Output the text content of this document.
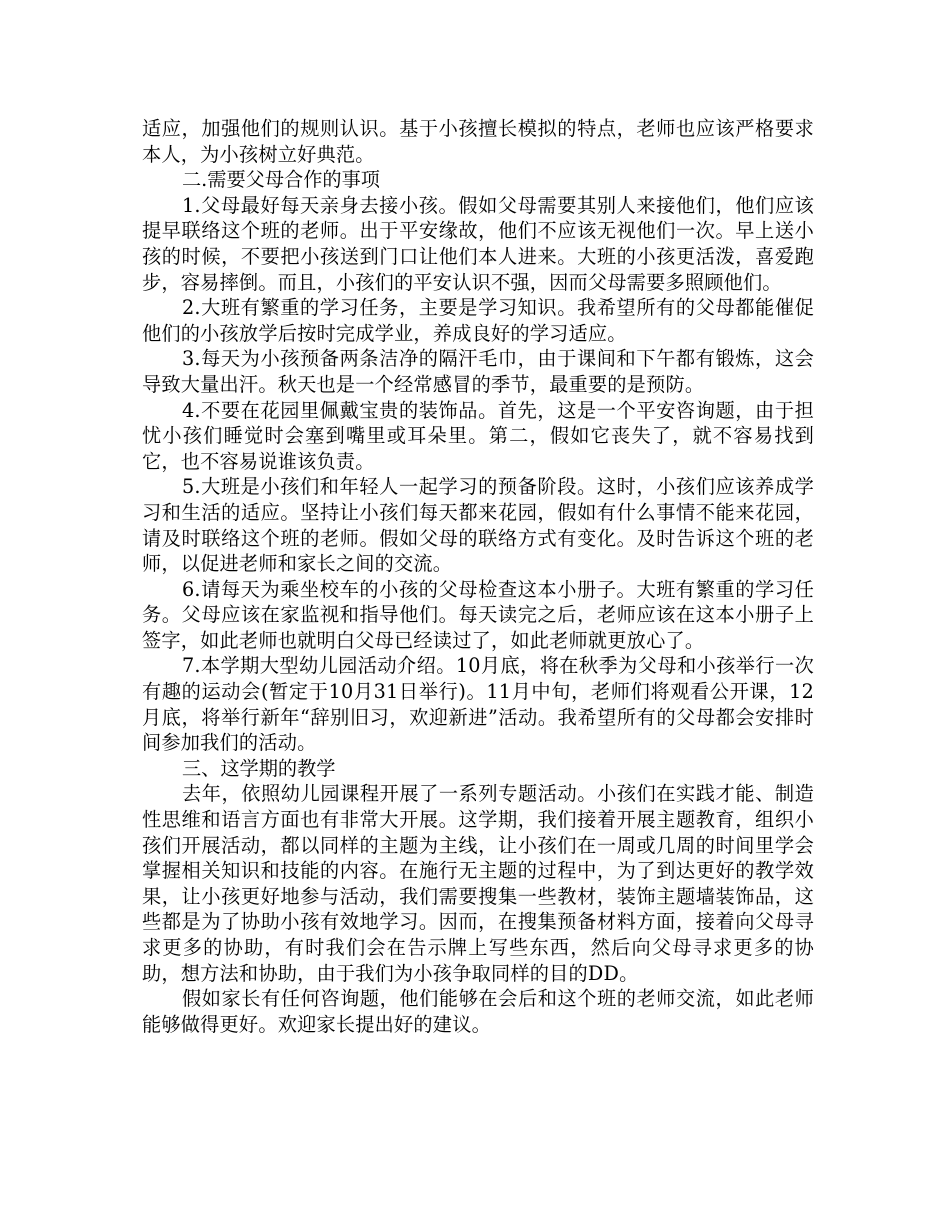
适应，加强他们的规则认识。基于小孩擅长模拟的特点，老师也应该严格要求本人，为小孩树立好典范。

二.需要父母合作的事项

1.父母最好每天亲身去接小孩。假如父母需要其别人来接他们，他们应该提早联络这个班的老师。出于平安缘故，他们不应该无视他们一次。早上送小孩的时候，不要把小孩送到门口让他们本人进来。大班的小孩更活泼，喜爱跑步，容易摔倒。而且，小孩们的平安认识不强，因而父母需要多照顾他们。

2.大班有繁重的学习任务，主要是学习知识。我希望所有的父母都能催促他们的小孩放学后按时完成学业，养成良好的学习适应。

3.每天为小孩预备两条洁净的隔汗毛巾，由于课间和下午都有锻炼，这会导致大量出汗。秋天也是一个经常感冒的季节，最重要的是预防。

4.不要在花园里佩戴宝贵的装饰品。首先，这是一个平安咨询题，由于担忧小孩们睡觉时会塞到嘴里或耳朵里。第二，假如它丧失了，就不容易找到它，也不容易说谁该负责。

5.大班是小孩们和年轻人一起学习的预备阶段。这时，小孩们应该养成学习和生活的适应。坚持让小孩们每天都来花园，假如有什么事情不能来花园，请及时联络这个班的老师。假如父母的联络方式有变化。及时告诉这个班的老师，以促进老师和家长之间的交流。

6.请每天为乘坐校车的小孩的父母检查这本小册子。大班有繁重的学习任务。父母应该在家监视和指导他们。每天读完之后，老师应该在这本小册子上签字，如此老师也就明白父母已经读过了，如此老师就更放心了。

7.本学期大型幼儿园活动介绍。10月底，将在秋季为父母和小孩举行一次有趣的运动会(暂定于10月31日举行)。11月中旬，老师们将观看公开课，12月底，将举行新年“辞别旧习，欢迎新进”活动。我希望所有的父母都会安排时间参加我们的活动。

三、这学期的教学

去年，依照幼儿园课程开展了一系列专题活动。小孩们在实践才能、制造性思维和语言方面也有非常大开展。这学期，我们接着开展主题教育，组织小孩们开展活动，都以同样的主题为主线，让小孩们在一周或几周的时间里学会掌握相关知识和技能的内容。在施行无主题的过程中，为了到达更好的教学效果，让小孩更好地参与活动，我们需要搜集一些教材，装饰主题墙装饰品，这些都是为了协助小孩有效地学习。因而，在搜集预备材料方面，接着向父母寻求更多的协助，有时我们会在告示牌上写些东西，然后向父母寻求更多的协助，想方法和协助，由于我们为小孩争取同样的目的DD。

假如家长有任何咨询题，他们能够在会后和这个班的老师交流，如此老师能够做得更好。欢迎家长提出好的建议。
